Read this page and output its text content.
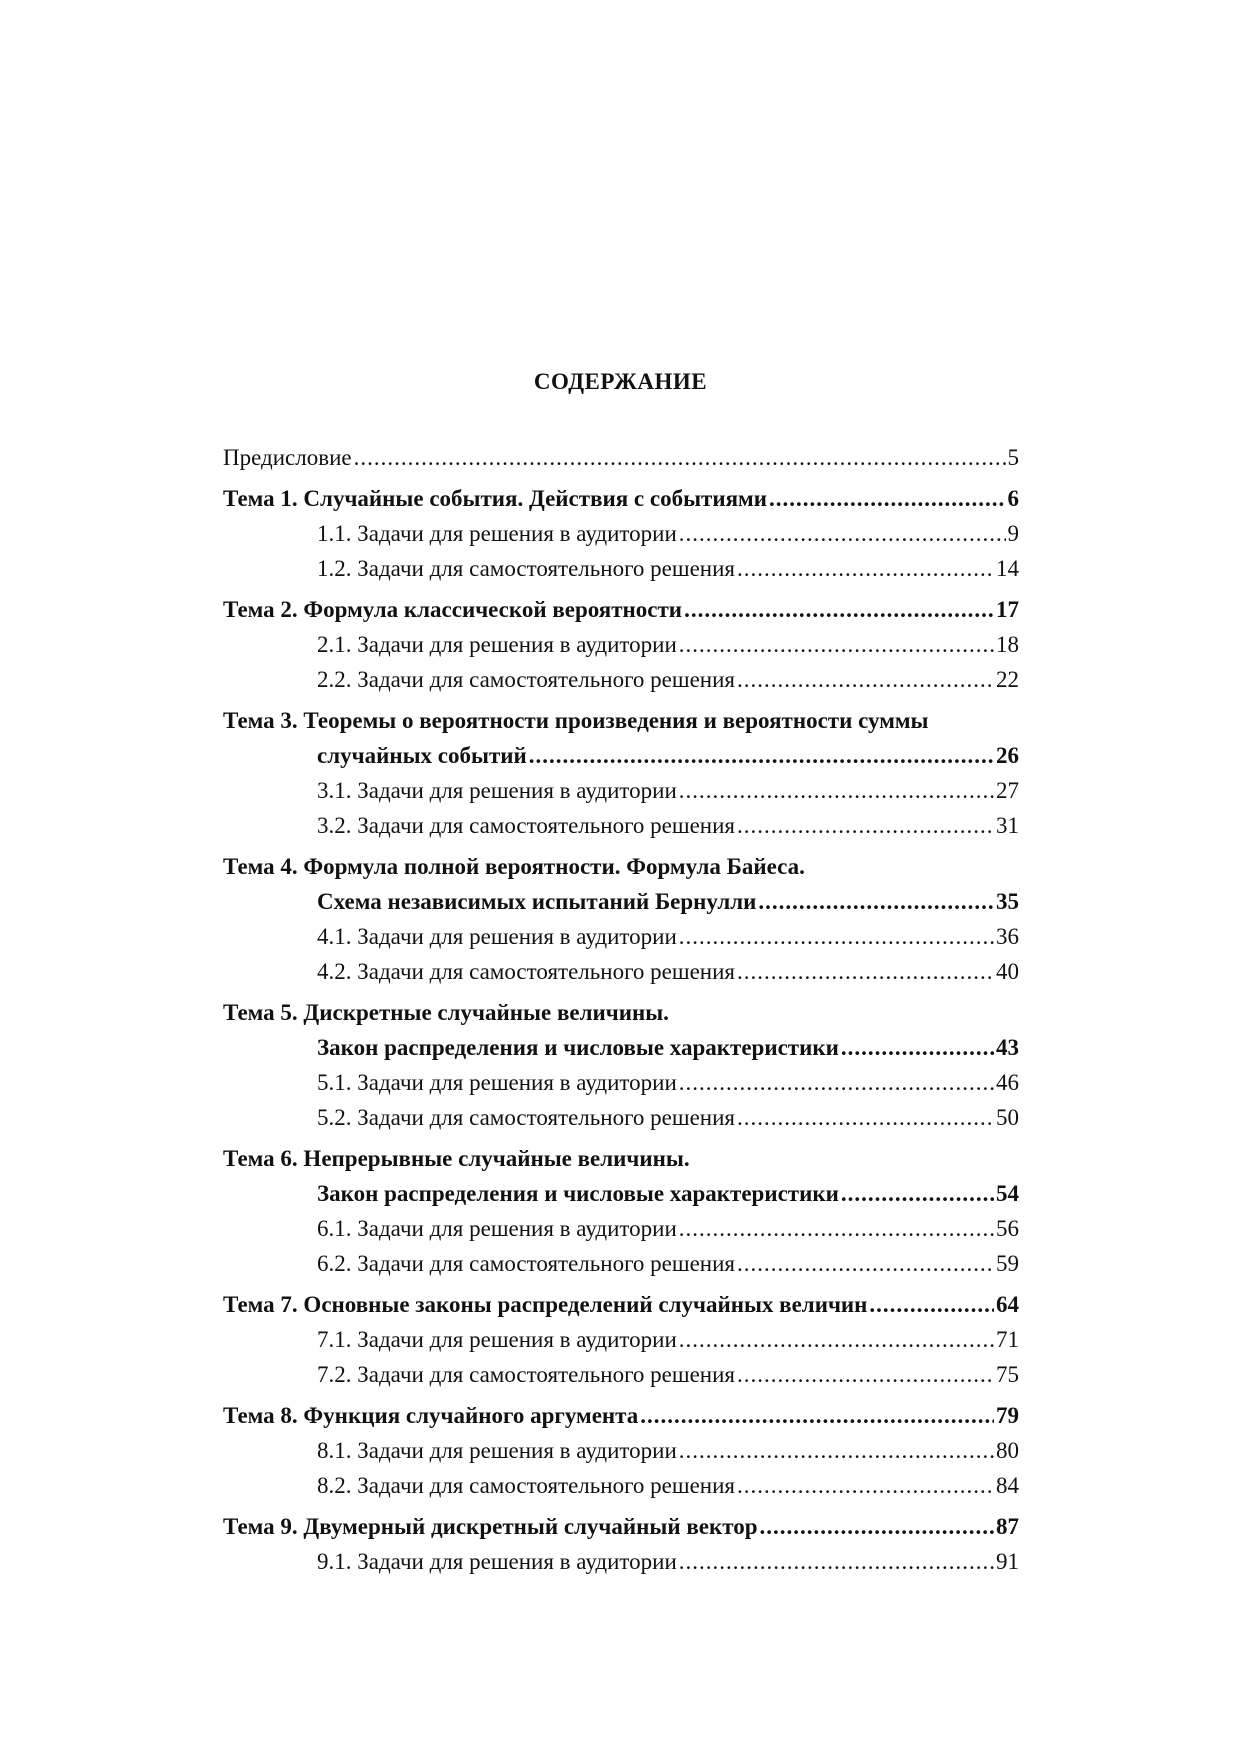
СОДЕРЖАНИЕ
Предисловие .....	5
Тема 1. Случайные события. Действия с событиями .....	6
1.1. Задачи для решения в аудитории .....	9
1.2. Задачи для самостоятельного решения .....	14
Тема 2. Формула классической вероятности .....	17
2.1. Задачи для решения в аудитории .....	18
2.2. Задачи для самостоятельного решения .....	22
Тема 3. Теоремы о вероятности произведения и вероятности суммы
случайных событий .....	26
3.1. Задачи для решения в аудитории .....	27
3.2. Задачи для самостоятельного решения .....	31
Тема 4. Формула полной вероятности. Формула Байеса.
Схема независимых испытаний Бернулли .....	35
4.1. Задачи для решения в аудитории .....	36
4.2. Задачи для самостоятельного решения .....	40
Тема 5. Дискретные случайные величины.
Закон распределения и числовые характеристики .....	43
5.1. Задачи для решения в аудитории .....	46
5.2. Задачи для самостоятельного решения .....	50
Тема 6. Непрерывные случайные величины.
Закон распределения и числовые характеристики .....	54
6.1. Задачи для решения в аудитории .....	56
6.2. Задачи для самостоятельного решения .....	59
Тема 7. Основные законы распределений случайных величин .....	64
7.1. Задачи для решения в аудитории .....	71
7.2. Задачи для самостоятельного решения .....	75
Тема 8. Функция случайного аргумента .....	79
8.1. Задачи для решения в аудитории .....	80
8.2. Задачи для самостоятельного решения .....	84
Тема 9. Двумерный дискретный случайный вектор .....	87
9.1. Задачи для решения в аудитории .....	91
